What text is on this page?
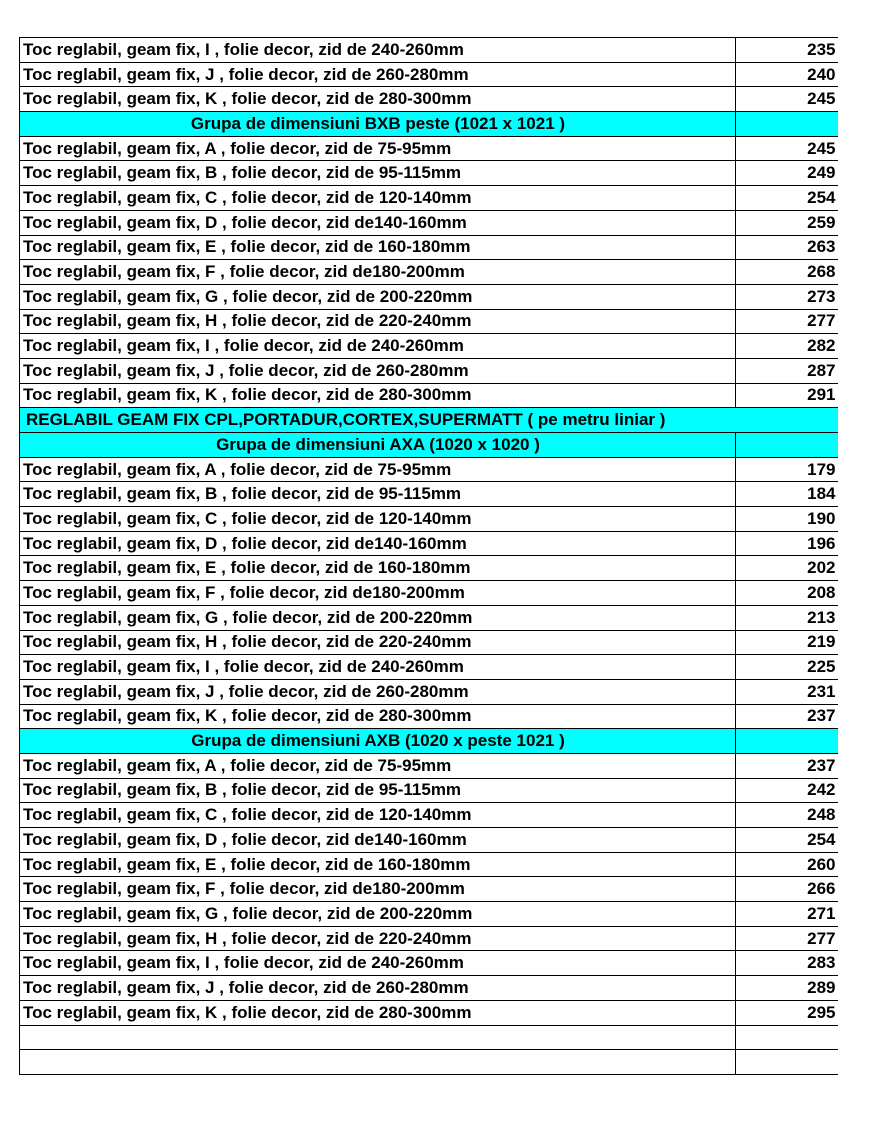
Toc reglabil, geam fix, I , folie decor, zid de 240-260mm	235
Toc reglabil, geam fix, J , folie decor, zid de 260-280mm	240
Toc reglabil, geam fix, K , folie decor, zid de 280-300mm	245
Grupa de dimensiuni BXB peste (1021 x 1021 )	
Toc reglabil, geam fix, A , folie decor, zid de 75-95mm	245
Toc reglabil, geam fix, B , folie decor, zid de 95-115mm	249
Toc reglabil, geam fix, C , folie decor, zid de 120-140mm	254
Toc reglabil, geam fix, D , folie decor, zid de140-160mm	259
Toc reglabil, geam fix, E , folie decor, zid de 160-180mm	263
Toc reglabil, geam fix, F , folie decor, zid de180-200mm	268
Toc reglabil, geam fix, G , folie decor, zid de 200-220mm	273
Toc reglabil, geam fix, H , folie decor, zid de 220-240mm	277
Toc reglabil, geam fix, I , folie decor, zid de 240-260mm	282
Toc reglabil, geam fix, J , folie decor, zid de 260-280mm	287
Toc reglabil, geam fix, K , folie decor, zid de 280-300mm	291
REGLABIL GEAM FIX CPL,PORTADUR,CORTEX,SUPERMATT ( pe metru liniar )	
Grupa de dimensiuni AXA (1020 x 1020 )	
Toc reglabil, geam fix, A , folie decor, zid de 75-95mm	179
Toc reglabil, geam fix, B , folie decor, zid de 95-115mm	184
Toc reglabil, geam fix, C , folie decor, zid de 120-140mm	190
Toc reglabil, geam fix, D , folie decor, zid de140-160mm	196
Toc reglabil, geam fix, E , folie decor, zid de 160-180mm	202
Toc reglabil, geam fix, F , folie decor, zid de180-200mm	208
Toc reglabil, geam fix, G , folie decor, zid de 200-220mm	213
Toc reglabil, geam fix, H , folie decor, zid de 220-240mm	219
Toc reglabil, geam fix, I , folie decor, zid de 240-260mm	225
Toc reglabil, geam fix, J , folie decor, zid de 260-280mm	231
Toc reglabil, geam fix, K , folie decor, zid de 280-300mm	237
Grupa de dimensiuni AXB (1020 x peste 1021 )	
Toc reglabil, geam fix, A , folie decor, zid de 75-95mm	237
Toc reglabil, geam fix, B , folie decor, zid de 95-115mm	242
Toc reglabil, geam fix, C , folie decor, zid de 120-140mm	248
Toc reglabil, geam fix, D , folie decor, zid de140-160mm	254
Toc reglabil, geam fix, E , folie decor, zid de 160-180mm	260
Toc reglabil, geam fix, F , folie decor, zid de180-200mm	266
Toc reglabil, geam fix, G , folie decor, zid de 200-220mm	271
Toc reglabil, geam fix, H , folie decor, zid de 220-240mm	277
Toc reglabil, geam fix, I , folie decor, zid de 240-260mm	283
Toc reglabil, geam fix, J , folie decor, zid de 260-280mm	289
Toc reglabil, geam fix, K , folie decor, zid de 280-300mm	295
